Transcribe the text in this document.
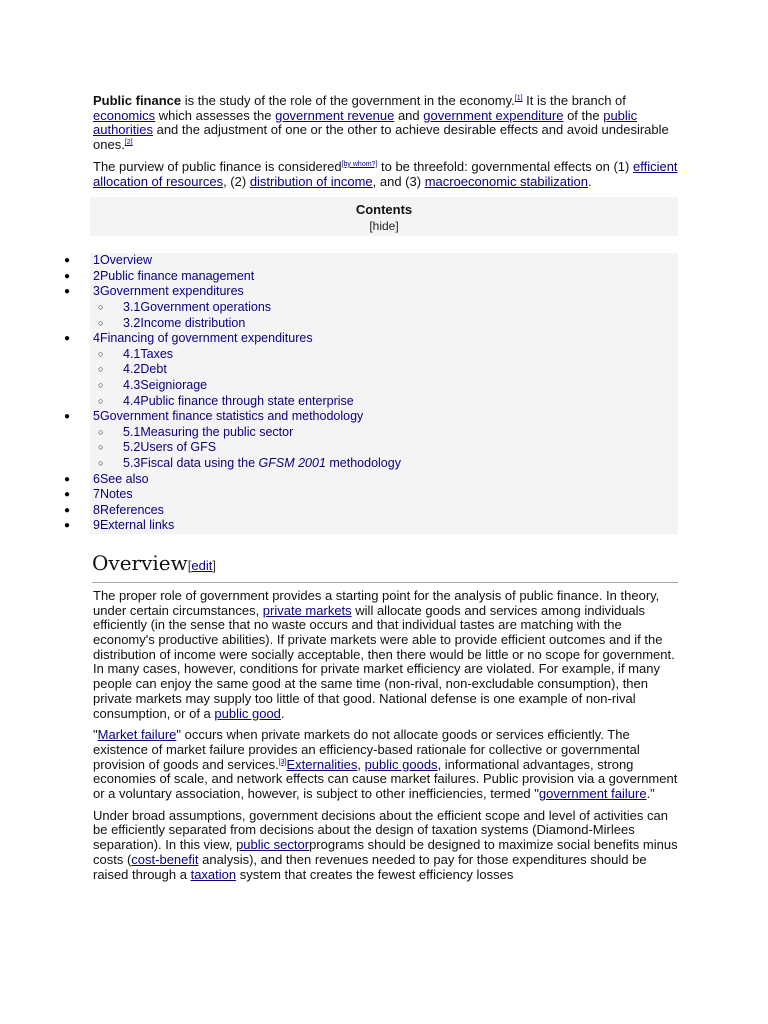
Public finance is the study of the role of the government in the economy.[1] It is the branch of economics which assesses the government revenue and government expenditure of the public authorities and the adjustment of one or the other to achieve desirable effects and avoid undesirable ones.[2]

The purview of public finance is considered[by whom?] to be threefold: governmental effects on (1) efficient allocation of resources, (2) distribution of income, and (3) macroeconomic stabilization.

Contents
[hide]
● 1Overview
● 2Public finance management
● 3Government expenditures
○ 3.1Government operations
○ 3.2Income distribution
● 4Financing of government expenditures
○ 4.1Taxes
○ 4.2Debt
○ 4.3Seigniorage
○ 4.4Public finance through state enterprise
● 5Government finance statistics and methodology
○ 5.1Measuring the public sector
○ 5.2Users of GFS
○ 5.3Fiscal data using the GFSM 2001 methodology
● 6See also
● 7Notes
● 8References
● 9External links
Overview[edit]

The proper role of government provides a starting point for the analysis of public finance. In theory, under certain circumstances, private markets will allocate goods and services among individuals efficiently (in the sense that no waste occurs and that individual tastes are matching with the economy's productive abilities). If private markets were able to provide efficient outcomes and if the distribution of income were socially acceptable, then there would be little or no scope for government. In many cases, however, conditions for private market efficiency are violated. For example, if many people can enjoy the same good at the same time (non-rival, non-excludable consumption), then private markets may supply too little of that good. National defense is one example of non-rival consumption, or of a public good.

"Market failure" occurs when private markets do not allocate goods or services efficiently. The existence of market failure provides an efficiency-based rationale for collective or governmental provision of goods and services.[3]Externalities, public goods, informational advantages, strong economies of scale, and network effects can cause market failures. Public provision via a government or a voluntary association, however, is subject to other inefficiencies, termed "government failure."

Under broad assumptions, government decisions about the efficient scope and level of activities can be efficiently separated from decisions about the design of taxation systems (Diamond-Mirlees separation). In this view, public sectorprograms should be designed to maximize social benefits minus costs (cost-benefit analysis), and then revenues needed to pay for those expenditures should be raised through a taxation system that creates the fewest efficiency losses
